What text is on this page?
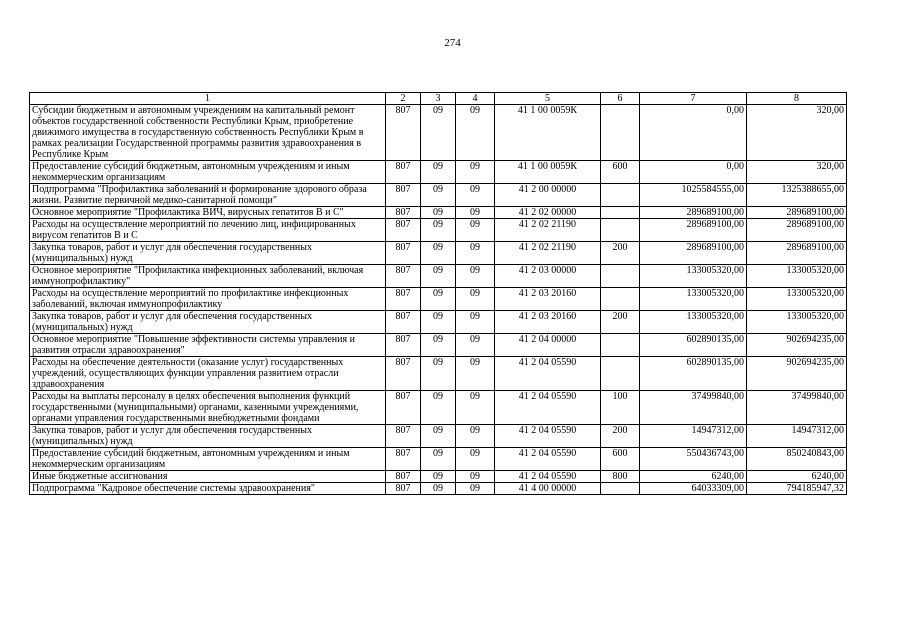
274
1	2	3	4	5	6	7	8
Субсидии бюджетным и автономным учреждениям на капитальный ремонт объектов государственной собственности Республики Крым, приобретение движимого имущества в государственную собственность Республики Крым в рамках реализации Государственной программы развития здравоохранения в Республике Крым	807	09	09	41 1 00 0059К		0,00	320,00
Предоставление субсидий бюджетным, автономным учреждениям и иным некоммерческим организациям	807	09	09	41 1 00 0059К	600	0,00	320,00
Подпрограмма "Профилактика заболеваний и формирование здорового образа жизни. Развитие первичной медико-санитарной помощи"	807	09	09	41 2 00 00000		1025584555,00	1325388655,00
Основное мероприятие "Профилактика ВИЧ, вирусных гепатитов В и С"	807	09	09	41 2 02 00000		289689100,00	289689100,00
Расходы на осуществление мероприятий по лечению лиц, инфицированных вирусом гепатитов В и С	807	09	09	41 2 02 21190		289689100,00	289689100,00
Закупка товаров, работ и услуг для обеспечения государственных (муниципальных) нужд	807	09	09	41 2 02 21190	200	289689100,00	289689100,00
Основное мероприятие "Профилактика инфекционных заболеваний, включая иммунопрофилактику"	807	09	09	41 2 03 00000		133005320,00	133005320,00
Расходы на осуществление мероприятий по профилактике инфекционных заболеваний, включая иммунопрофилактику	807	09	09	41 2 03 20160		133005320,00	133005320,00
Закупка товаров, работ и услуг для обеспечения государственных (муниципальных) нужд	807	09	09	41 2 03 20160	200	133005320,00	133005320,00
Основное мероприятие "Повышение эффективности системы управления и развития отрасли здравоохранения"	807	09	09	41 2 04 00000		602890135,00	902694235,00
Расходы на обеспечение деятельности (оказание услуг) государственных учреждений, осуществляющих функции управления развитием отрасли здравоохранения	807	09	09	41 2 04 05590		602890135,00	902694235,00
Расходы на выплаты персоналу в целях обеспечения выполнения функций государственными (муниципальными) органами, казенными учреждениями, органами управления государственными внебюджетными фондами	807	09	09	41 2 04 05590	100	37499840,00	37499840,00
Закупка товаров, работ и услуг для обеспечения государственных (муниципальных) нужд	807	09	09	41 2 04 05590	200	14947312,00	14947312,00
Предоставление субсидий бюджетным, автономным учреждениям и иным некоммерческим организациям	807	09	09	41 2 04 05590	600	550436743,00	850240843,00
Иные бюджетные ассигнования	807	09	09	41 2 04 05590	800	6240,00	6240,00
Подпрограмма "Кадровое обеспечение системы здравоохранения"	807	09	09	41 4 00 00000		64033309,00	794185947,32
